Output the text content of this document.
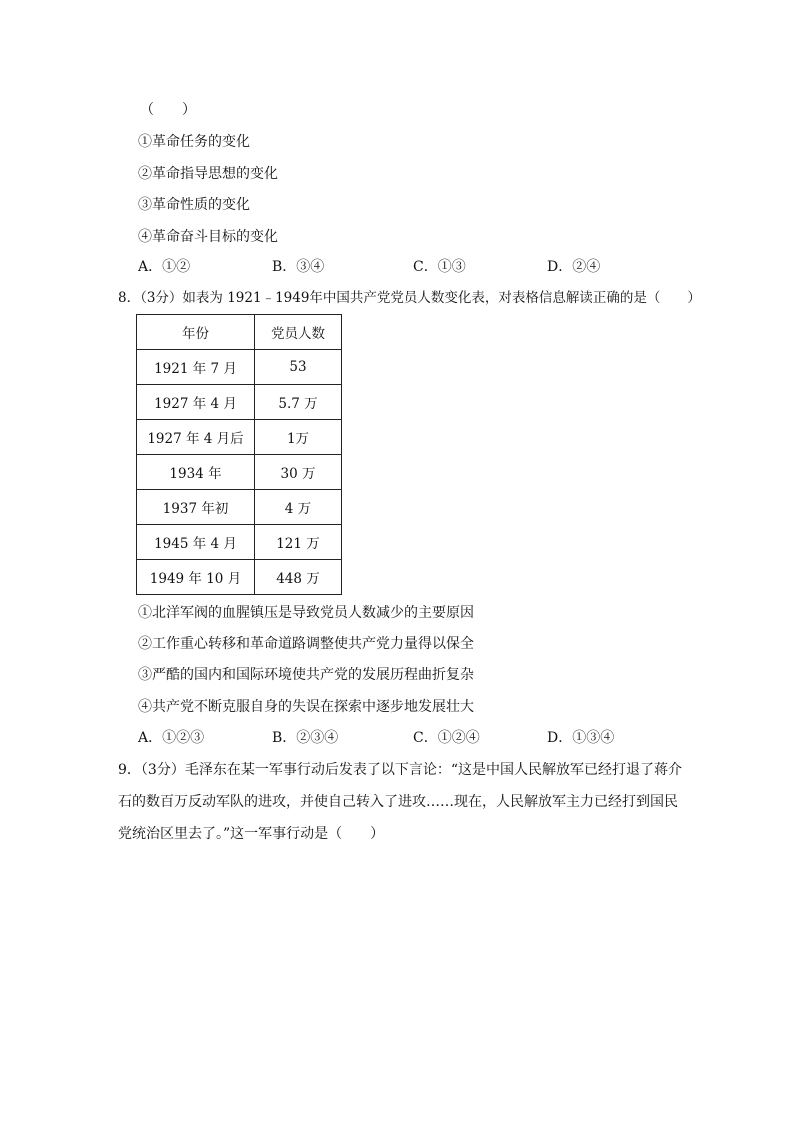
（　　）
①革命任务的变化
②革命指导思想的变化
③革命性质的变化
④革命奋斗目标的变化
A．①②	B．③④	C．①③	D．②④
8．（3分）如表为 1921﹣1949年中国共产党党员人数变化表，对表格信息解读正确的是（　　）
年份	党员人数
1921 年 7 月	53
1927 年 4 月	5.7 万
1927 年 4 月后	1万
1934 年	30 万
1937 年初	4 万
1945 年 4 月	121 万
1949 年 10 月	448 万
①北洋军阀的血腥镇压是导致党员人数减少的主要原因
②工作重心转移和革命道路调整使共产党力量得以保全
③严酷的国内和国际环境使共产党的发展历程曲折复杂
④共产党不断克服自身的失误在探索中逐步地发展壮大
A．①②③	B．②③④	C．①②④	D．①③④
9．（3分）毛泽东在某一军事行动后发表了以下言论：“这是中国人民解放军已经打退了蒋介石的数百万反动军队的进攻，并使自己转入了进攻……现在，人民解放军主力已经打到国民党统治区里去了。”这一军事行动是（　　）
